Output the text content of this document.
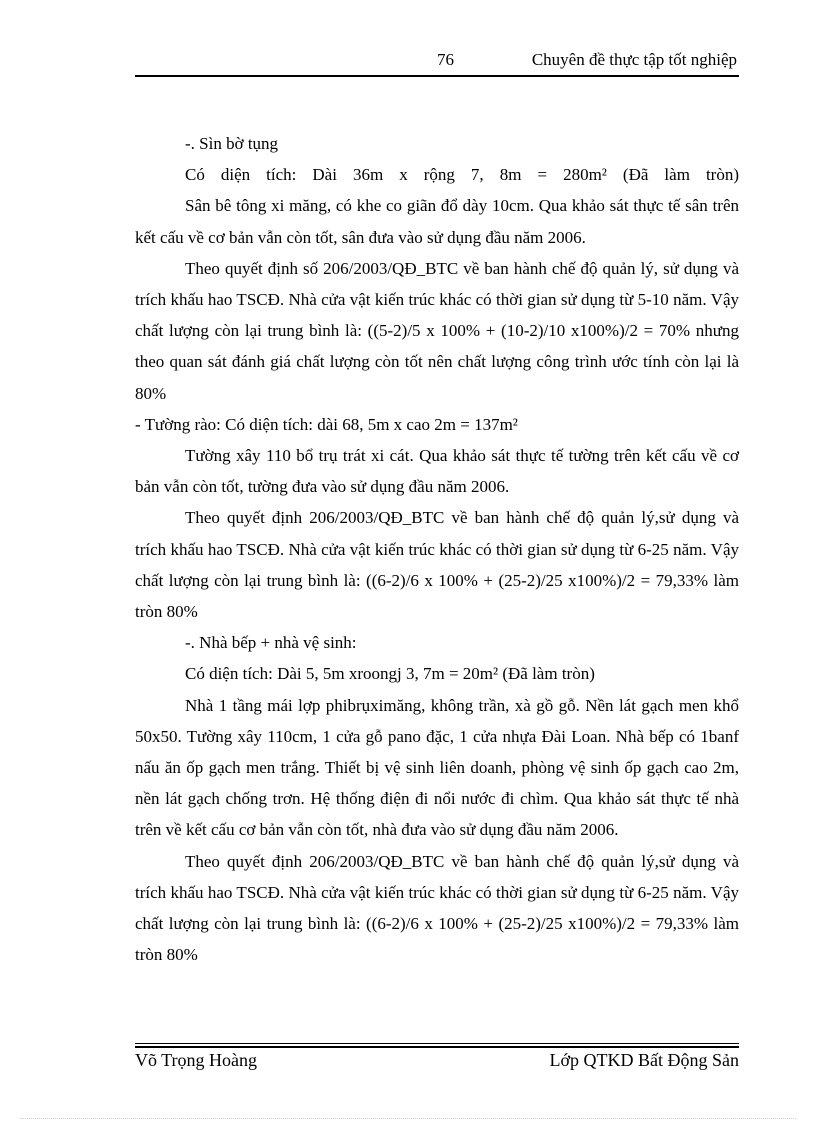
76	Chuyên đề thực tập tốt nghiệp

-. Sìn bờ tụng

Có diện tích: Dài 36m x rộng 7, 8m = 280m² (Đã làm tròn)

Sân bê tông xi măng, có khe co giãn đổ dày 10cm. Qua khảo sát thực tế sân trên kết cấu về cơ bản vẫn còn tốt, sân đưa vào sử dụng đầu năm 2006.

Theo quyết định số 206/2003/QĐ_BTC về ban hành chế độ quản lý, sử dụng và trích khấu hao TSCĐ. Nhà cửa vật kiến trúc khác có thời gian sử dụng từ 5-10 năm. Vậy chất lượng còn lại trung bình là: ((5-2)/5 x 100% + (10-2)/10 x100%)/2 = 70% nhưng theo quan sát đánh giá chất lượng còn tốt nên chất lượng công trình ước tính còn lại là 80%

- Tường rào: Có diện tích: dài 68, 5m x cao 2m = 137m²

Tường xây 110 bổ trụ trát xi cát. Qua khảo sát thực tế tường trên kết cấu về cơ bản vẫn còn tốt, tường đưa vào sử dụng đầu năm 2006.

Theo quyết định 206/2003/QĐ_BTC về ban hành chế độ quản lý,sử dụng và trích khấu hao TSCĐ. Nhà cửa vật kiến trúc khác có thời gian sử dụng từ 6-25 năm. Vậy chất lượng còn lại trung bình là: ((6-2)/6 x 100% + (25-2)/25 x100%)/2 = 79,33% làm tròn 80%

-. Nhà bếp + nhà vệ sinh:

Có diện tích: Dài 5, 5m xroongj 3, 7m = 20m² (Đã làm tròn)

Nhà 1 tầng mái lợp phibrụximăng, không trần, xà gồ gỗ. Nền lát gạch men khổ 50x50. Tường xây 110cm, 1 cửa gỗ pano đặc, 1 cửa nhựa Đài Loan. Nhà bếp có 1banf nấu ăn ốp gạch men trắng. Thiết bị vệ sinh liên doanh, phòng vệ sinh ốp gạch cao 2m, nền lát gạch chống trơn. Hệ thống điện đi nổi nước đi chìm. Qua khảo sát thực tế nhà trên về kết cấu cơ bản vẫn còn tốt, nhà đưa vào sử dụng đầu năm 2006.

Theo quyết định 206/2003/QĐ_BTC về ban hành chế độ quản lý,sử dụng và trích khấu hao TSCĐ. Nhà cửa vật kiến trúc khác có thời gian sử dụng từ 6-25 năm. Vậy chất lượng còn lại trung bình là: ((6-2)/6 x 100% + (25-2)/25 x100%)/2 = 79,33% làm tròn 80%

Võ Trọng Hoàng	Lớp QTKD Bất Động Sản
